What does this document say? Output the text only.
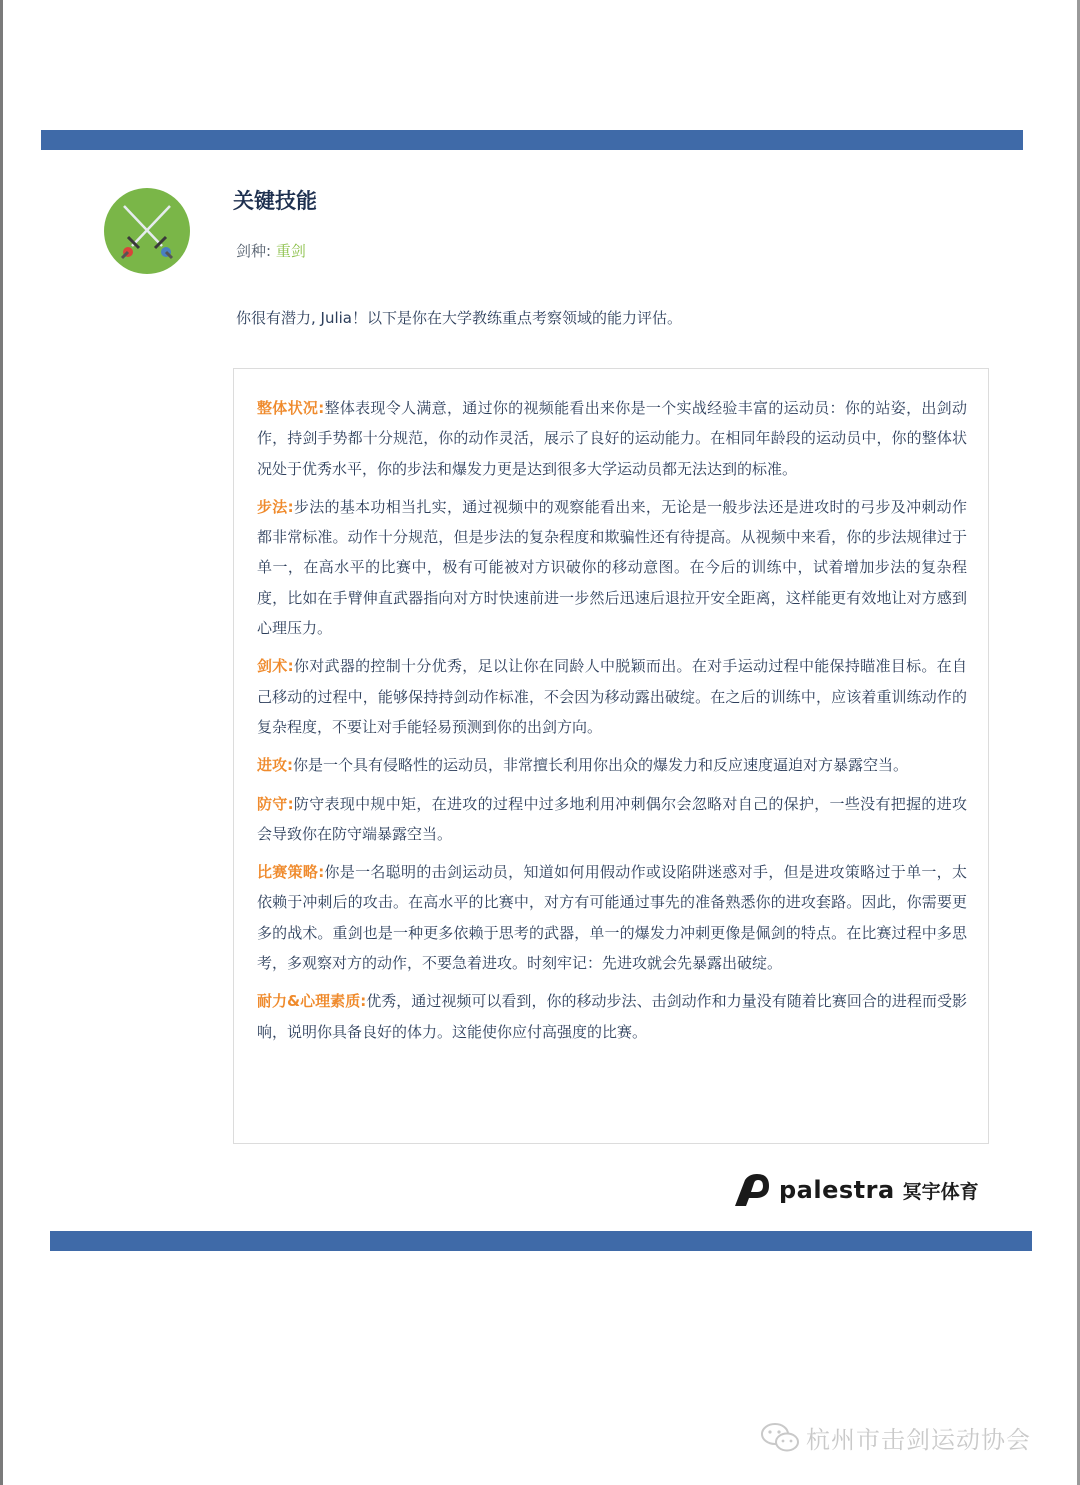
关键技能
剑种: 重剑
你很有潜力, Julia！以下是你在大学教练重点考察领域的能力评估。

整体状况:整体表现令人满意，通过你的视频能看出来你是一个实战经验丰富的运动员：你的站姿，出剑动作，持剑手势都十分规范，你的动作灵活，展示了良好的运动能力。在相同年龄段的运动员中，你的整体状况处于优秀水平，你的步法和爆发力更是达到很多大学运动员都无法达到的标准。

步法:步法的基本功相当扎实，通过视频中的观察能看出来，无论是一般步法还是进攻时的弓步及冲刺动作都非常标准。动作十分规范，但是步法的复杂程度和欺骗性还有待提高。从视频中来看，你的步法规律过于单一，在高水平的比赛中，极有可能被对方识破你的移动意图。在今后的训练中，试着增加步法的复杂程度，比如在手臂伸直武器指向对方时快速前进一步然后迅速后退拉开安全距离，这样能更有效地让对方感到心理压力。

剑术:你对武器的控制十分优秀，足以让你在同龄人中脱颖而出。在对手运动过程中能保持瞄准目标。在自己移动的过程中，能够保持持剑动作标准，不会因为移动露出破绽。在之后的训练中，应该着重训练动作的复杂程度，不要让对手能轻易预测到你的出剑方向。

进攻:你是一个具有侵略性的运动员，非常擅长利用你出众的爆发力和反应速度逼迫对方暴露空当。

防守:防守表现中规中矩，在进攻的过程中过多地利用冲刺偶尔会忽略对自己的保护，一些没有把握的进攻会导致你在防守端暴露空当。

比赛策略:你是一名聪明的击剑运动员，知道如何用假动作或设陷阱迷惑对手，但是进攻策略过于单一，太依赖于冲刺后的攻击。在高水平的比赛中，对方有可能通过事先的准备熟悉你的进攻套路。因此，你需要更多的战术。重剑也是一种更多依赖于思考的武器，单一的爆发力冲刺更像是佩剑的特点。在比赛过程中多思考，多观察对方的动作，不要急着进攻。时刻牢记：先进攻就会先暴露出破绽。

耐力&心理素质:优秀，通过视频可以看到，你的移动步法、击剑动作和力量没有随着比赛回合的进程而受影响，说明你具备良好的体力。这能使你应付高强度的比赛。

palestra 冥宇体育
杭州市击剑运动协会
